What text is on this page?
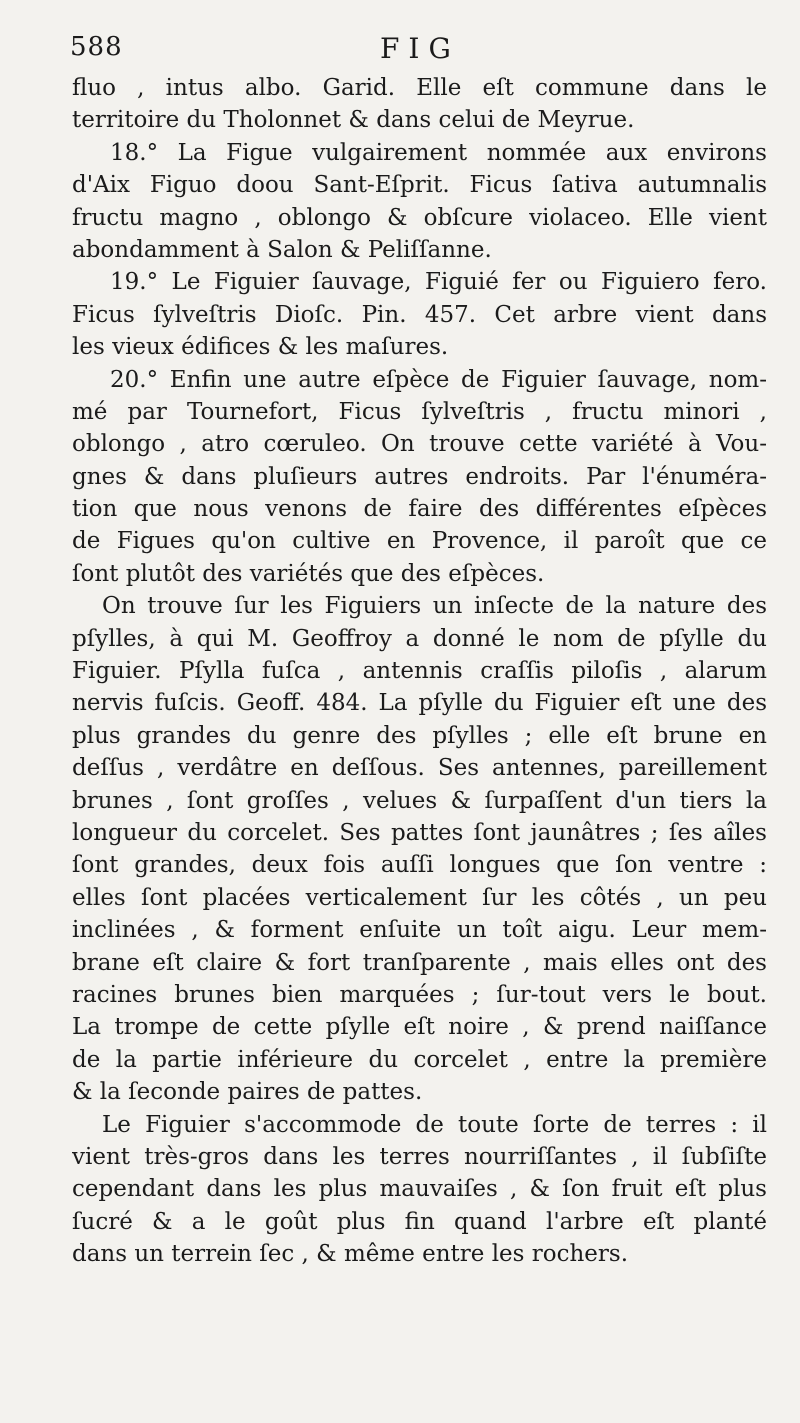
588	FIG
fluo , intus albo. Garid. Elle eſt commune dans le
territoire du Tholonnet & dans celui de Meyrue.
18.° La Figue vulgairement nommée aux environs
d'Aix Figuo doou Sant-Eſprit. Ficus ſativa autumnalis
fructu magno , oblongo & obſcure violaceo. Elle vient
abondamment à Salon & Peliſſanne.
19.° Le Figuier ſauvage, Figuié fer ou Figuiero fero.
Ficus ſylveſtris Dioſc. Pin. 457. Cet arbre vient dans
les vieux édifices & les maſures.
20.° Enfin une autre eſpèce de Figuier ſauvage, nom-
mé par Tournefort, Ficus ſylveſtris , fructu minori ,
oblongo , atro cœruleo. On trouve cette variété à Vou-
gnes & dans pluſieurs autres endroits. Par l'énuméra-
tion que nous venons de faire des différentes eſpèces
de Figues qu'on cultive en Provence, il paroît que ce
ſont plutôt des variétés que des eſpèces.
On trouve ſur les Figuiers un inſecte de la nature des
pſylles, à qui M. Geoffroy a donné le nom de pſylle du
Figuier. Pſylla fuſca , antennis craſſis piloſis , alarum
nervis fuſcis. Geoff. 484. La pſylle du Figuier eſt une des
plus grandes du genre des pſylles ; elle eſt brune en
deſſus , verdâtre en deſſous. Ses antennes, pareillement
brunes , ſont groſſes , velues & ſurpaſſent d'un tiers la
longueur du corcelet. Ses pattes ſont jaunâtres ; ſes aîles
ſont grandes, deux fois auſſi longues que ſon ventre :
elles ſont placées verticalement ſur les côtés , un peu
inclinées , & forment enſuite un toît aigu. Leur mem-
brane eſt claire & fort tranſparente , mais elles ont des
racines brunes bien marquées ; ſur-tout vers le bout.
La trompe de cette pſylle eſt noire , & prend naiſſance
de la partie inférieure du corcelet , entre la première
& la ſeconde paires de pattes.
Le Figuier s'accommode de toute ſorte de terres : il
vient très-gros dans les terres nourriſſantes , il ſubſiſte
cependant dans les plus mauvaiſes , & ſon fruit eſt plus
ſucré & a le goût plus fin quand l'arbre eſt planté
dans un terrein ſec , & même entre les rochers.
